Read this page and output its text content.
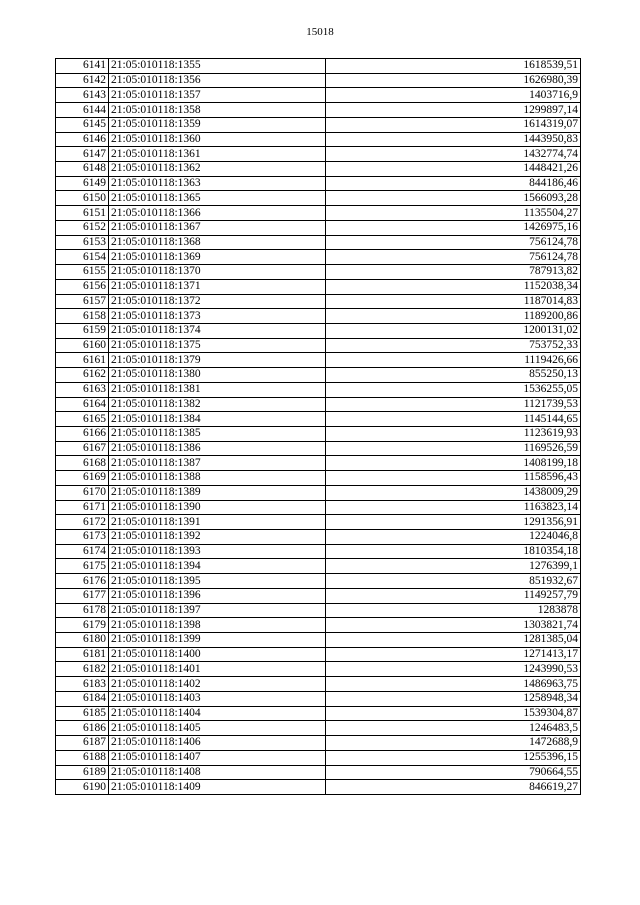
15018
6141	21:05:010118:1355	1618539,51
6142	21:05:010118:1356	1626980,39
6143	21:05:010118:1357	1403716,9
6144	21:05:010118:1358	1299897,14
6145	21:05:010118:1359	1614319,07
6146	21:05:010118:1360	1443950,83
6147	21:05:010118:1361	1432774,74
6148	21:05:010118:1362	1448421,26
6149	21:05:010118:1363	844186,46
6150	21:05:010118:1365	1566093,28
6151	21:05:010118:1366	1135504,27
6152	21:05:010118:1367	1426975,16
6153	21:05:010118:1368	756124,78
6154	21:05:010118:1369	756124,78
6155	21:05:010118:1370	787913,82
6156	21:05:010118:1371	1152038,34
6157	21:05:010118:1372	1187014,83
6158	21:05:010118:1373	1189200,86
6159	21:05:010118:1374	1200131,02
6160	21:05:010118:1375	753752,33
6161	21:05:010118:1379	1119426,66
6162	21:05:010118:1380	855250,13
6163	21:05:010118:1381	1536255,05
6164	21:05:010118:1382	1121739,53
6165	21:05:010118:1384	1145144,65
6166	21:05:010118:1385	1123619,93
6167	21:05:010118:1386	1169526,59
6168	21:05:010118:1387	1408199,18
6169	21:05:010118:1388	1158596,43
6170	21:05:010118:1389	1438009,29
6171	21:05:010118:1390	1163823,14
6172	21:05:010118:1391	1291356,91
6173	21:05:010118:1392	1224046,8
6174	21:05:010118:1393	1810354,18
6175	21:05:010118:1394	1276399,1
6176	21:05:010118:1395	851932,67
6177	21:05:010118:1396	1149257,79
6178	21:05:010118:1397	1283878
6179	21:05:010118:1398	1303821,74
6180	21:05:010118:1399	1281385,04
6181	21:05:010118:1400	1271413,17
6182	21:05:010118:1401	1243990,53
6183	21:05:010118:1402	1486963,75
6184	21:05:010118:1403	1258948,34
6185	21:05:010118:1404	1539304,87
6186	21:05:010118:1405	1246483,5
6187	21:05:010118:1406	1472688,9
6188	21:05:010118:1407	1255396,15
6189	21:05:010118:1408	790664,55
6190	21:05:010118:1409	846619,27
